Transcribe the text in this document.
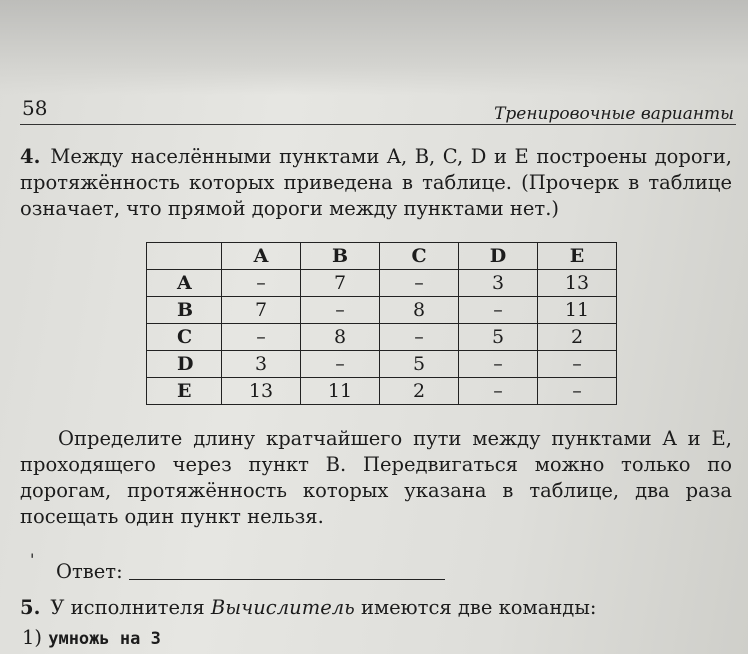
58	Тренировочные варианты

4. Между населёнными пунктами A, B, C, D и E построены дороги, протяжённость которых приведена в таблице. (Прочерк в таблице означает, что прямой дороги между пунктами нет.)

	A	B	C	D	E
A	–	7	–	3	13
B	7	–	8	–	11
C	–	8	–	5	2
D	3	–	5	–	–
E	13	11	2	–	–

Определите длину кратчайшего пути между пунктами A и E, проходящего через пункт B. Передвигаться можно только по дорогам, протяжённость которых указана в таблице, два раза посещать один пункт нельзя.

'
Ответ:
5. У исполнителя Вычислитель имеются две команды:
1) умножь на 3
